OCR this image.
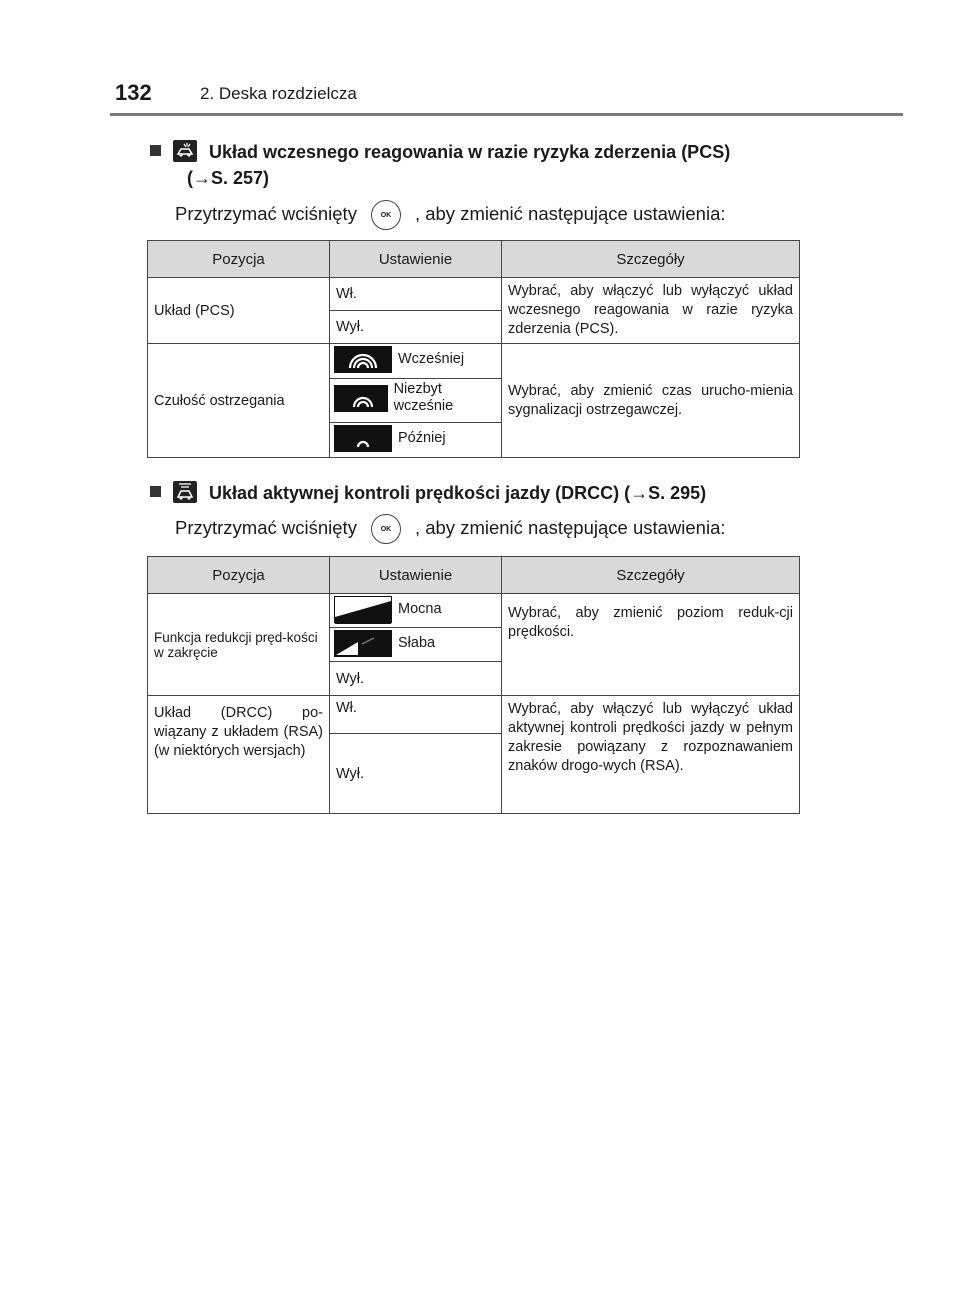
132	2. Deska rozdzielcza
Układ wczesnego reagowania w razie ryzyka zderzenia (PCS)
(→S. 257)
Przytrzymać wciśnięty	OK , aby zmienić następujące ustawienia:
Pozycja	Ustawienie	Szczegóły
Układ (PCS)	Wł.	Wybrać, aby włączyć lub wyłączyć układ wczesnego reagowania w razie ryzyka zderzenia (PCS).
	Wył.	
Czułość ostrzegania	Wcześniej	Wybrać, aby zmienić czas urucho-mienia sygnalizacji ostrzegawczej.

	Niezbyt wcześnie	

	Później	
Układ aktywnej kontroli prędkości jazdy (DRCC) (→S. 295)
Przytrzymać wciśnięty	OK , aby zmienić następujące ustawienia:
Pozycja	Ustawienie	Szczegóły
Funkcja redukcji pręd-kości w zakręcie	Mocna	Wybrać, aby zmienić poziom reduk-cji prędkości.

	Słaba	

	Wył.	
Układ (DRCC) po-wiązany z układem (RSA) (w niektórych wersjach)	Wł.	Wybrać, aby włączyć lub wyłączyć układ aktywnej kontroli prędkości jazdy w pełnym zakresie powiązany z rozpoznawaniem znaków drogo-wych (RSA).
	Wył.	
